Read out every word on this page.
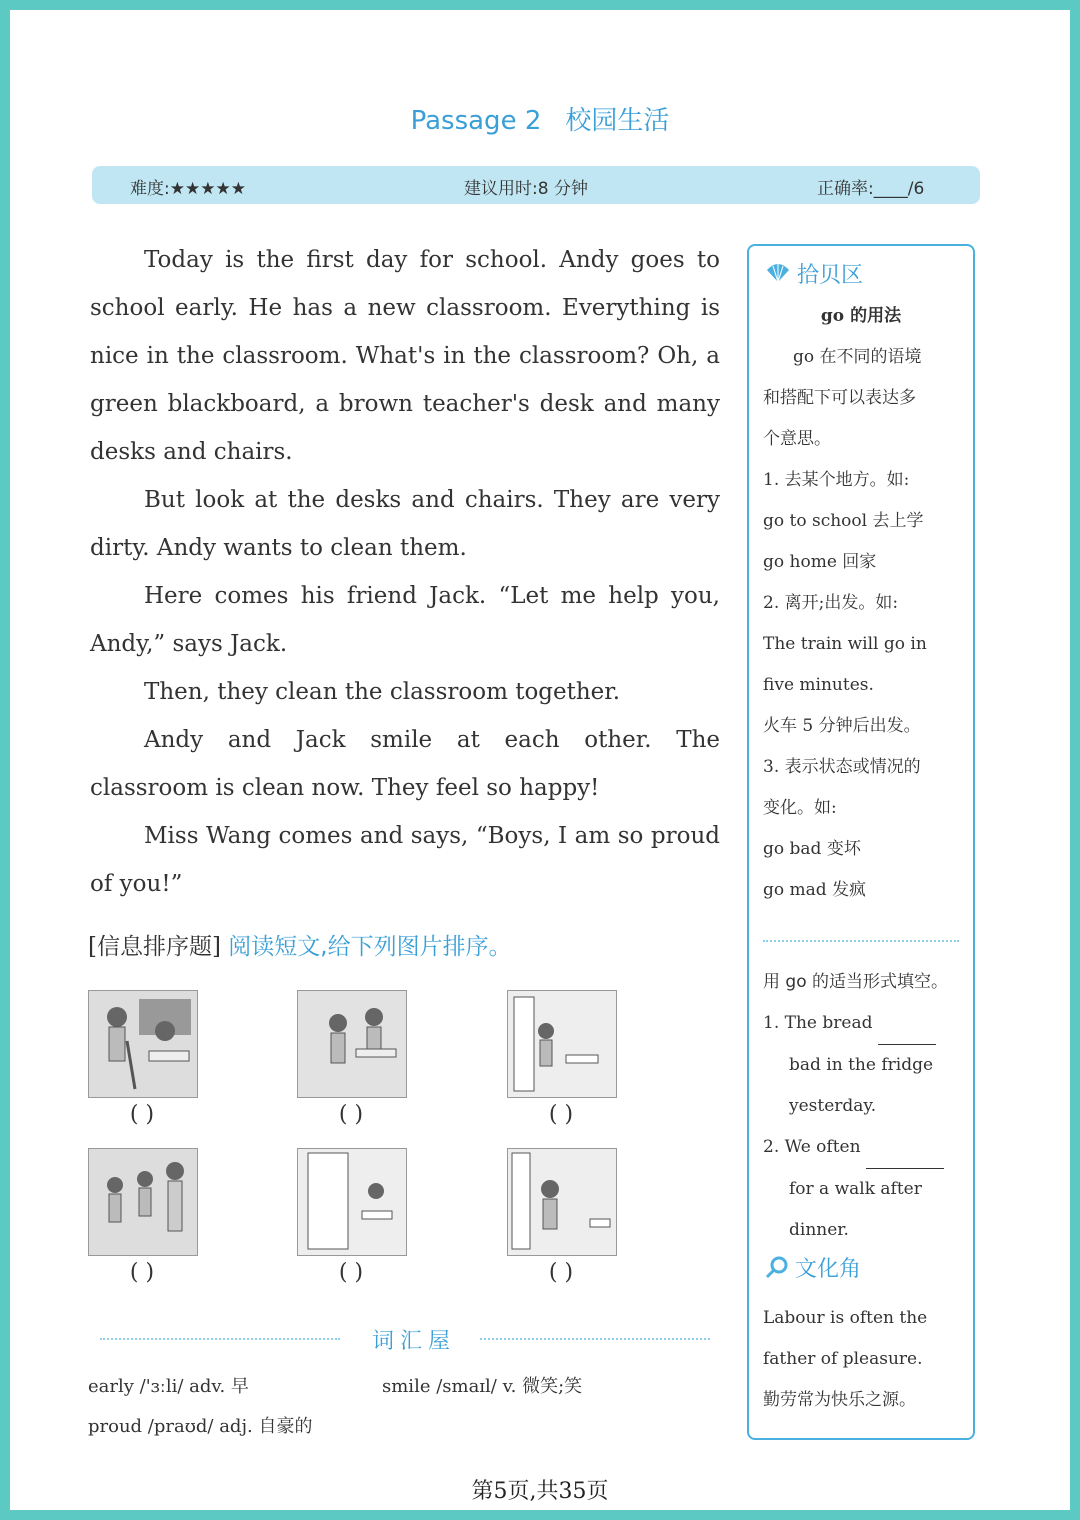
Passage 2 校园生活
难度:★★★★★	建议用时:8 分钟	正确率:____/6

Today is the first day for school. Andy goes to school early. He has a new classroom. Everything is nice in the classroom. What's in the classroom? Oh, a green blackboard, a brown teacher's desk and many desks and chairs.

But look at the desks and chairs. They are very dirty. Andy wants to clean them.

Here comes his friend Jack. “Let me help you, Andy,” says Jack.

Then, they clean the classroom together.

Andy and Jack smile at each other. The classroom is clean now. They feel so happy!

Miss Wang comes and says, “Boys, I am so proud of you!”

[信息排序题] 阅读短文,给下列图片排序。
( )	( )	( )
( )	( )	( )
词汇屋
early /'ɜːli/ adv. 早	smile /smaɪl/ v. 微笑;笑
proud /praʊd/ adj. 自豪的
拾贝区
go 的用法
go 在不同的语境
和搭配下可以表达多
个意思。
1. 去某个地方。如:
go to school 去上学
go home 回家
2. 离开;出发。如:
The train will go in
five minutes.
火车 5 分钟后出发。
3. 表示状态或情况的
变化。如:
go bad 变坏
go mad 发疯
用 go 的适当形式填空。
1. The bread
bad in the fridge
yesterday.
2. We often
for a walk after
dinner.
文化角
Labour is often the
father of pleasure.
勤劳常为快乐之源。
第5页,共35页
